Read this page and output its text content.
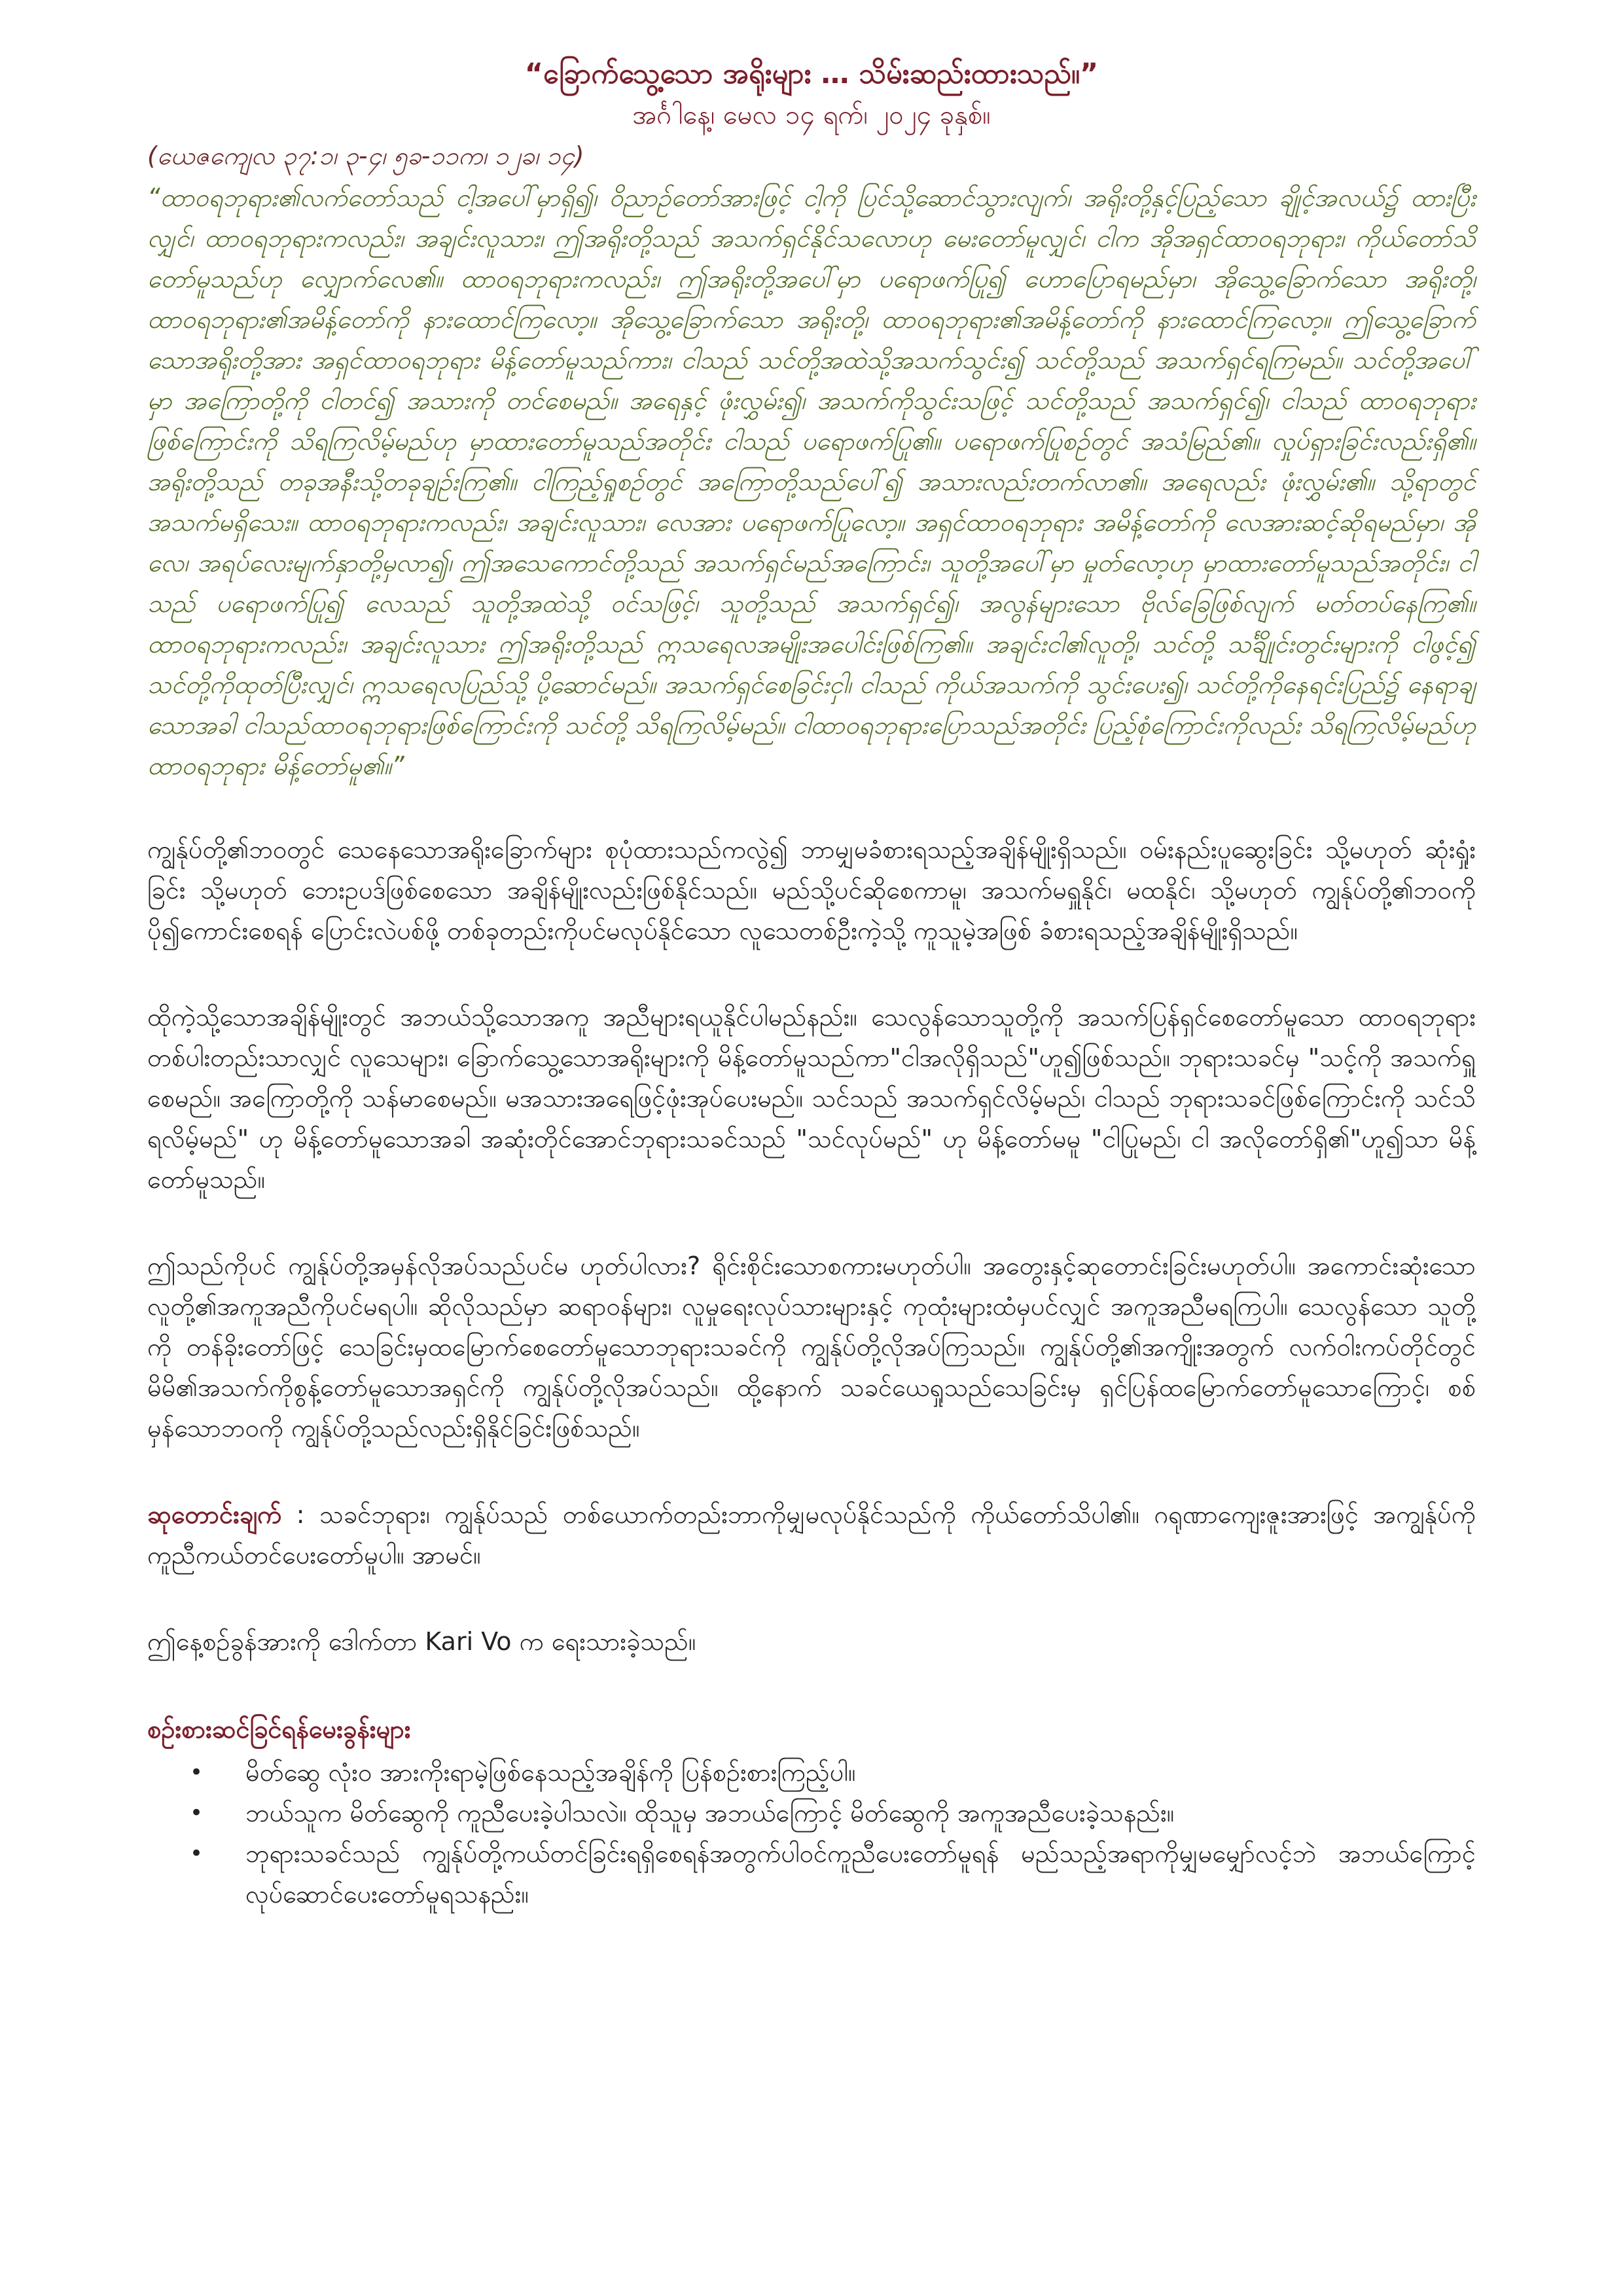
“ခြောက်သွေ့သော အရိုးများ … သိမ်းဆည်းထားသည်။”
အင်္ဂါနေ့၊ မေလ ၁၄ ရက်၊ ၂၀၂၄ ခုနှစ်။
(ယေဇကျေလ ၃၇:၁၊ ၃-၄၊ ၅ခ-၁၁က၊ ၁၂ခ၊ ၁၄)

“ထာဝရဘုရား၏လက်တော်သည် ငါ့အပေါ်မှာရှိ၍၊ ဝိညာဉ်တော်အားဖြင့် ငါ့ကို ပြင်သို့ဆောင်သွားလျက်၊ အရိုးတို့နှင့်ပြည့်သော ချိုင့်အလယ်၌ ထားပြီးလျှင်၊ ထာဝရဘုရားကလည်း၊ အချင်းလူသား၊ ဤအရိုးတို့သည် အသက်ရှင်နိုင်သလောဟု မေးတော်မူလျှင်၊ ငါက အိုအရှင်ထာဝရဘုရား၊ ကိုယ်တော်သိတော်မူသည်ဟု လျှောက်လေ၏။ ထာဝရဘုရားကလည်း၊ ဤအရိုးတို့အပေါ်မှာ ပရောဖက်ပြု၍ ဟောပြောရမည်မှာ၊ အိုသွေ့ခြောက်သော အရိုးတို့၊ ထာဝရဘုရား၏အမိန့်တော်ကို နားထောင်ကြလော့။ အိုသွေ့ခြောက်သော အရိုးတို့၊ ထာဝရဘုရား၏အမိန့်တော်ကို နားထောင်ကြလော့။ ဤသွေ့ခြောက်သောအရိုးတို့အား အရှင်ထာဝရဘုရား မိန့်တော်မူသည်ကား၊ ငါသည် သင်တို့အထဲသို့အသက်သွင်း၍ သင်တို့သည် အသက်ရှင်ရကြမည်။ သင်တို့အပေါ်မှာ အကြောတို့ကို ငါတင်၍ အသားကို တင်စေမည်။ အရေနှင့် ဖုံးလွှမ်း၍၊ အသက်ကိုသွင်းသဖြင့် သင်တို့သည် အသက်ရှင်၍၊ ငါသည် ထာဝရဘုရားဖြစ်ကြောင်းကို သိရကြလိမ့်မည်ဟု မှာထားတော်မူသည်အတိုင်း ငါသည် ပရောဖက်ပြု၏။ ပရောဖက်ပြုစဉ်တွင် အသံမြည်၏။ လှုပ်ရှားခြင်းလည်းရှိ၏။ အရိုးတို့သည် တခုအနီးသို့တခုချဉ်းကြ၏။ ငါကြည့်ရှုစဉ်တွင် အကြောတို့သည်ပေါ်၍ အသားလည်းတက်လာ၏။ အရေလည်း ဖုံးလွှမ်း၏။ သို့ရာတွင် အသက်မရှိသေး။ ထာဝရဘုရားကလည်း၊ အချင်းလူသား၊ လေအား ပရောဖက်ပြုလော့။ အရှင်ထာဝရဘုရား အမိန့်တော်ကို လေအားဆင့်ဆိုရမည်မှာ၊ အိုလေ၊ အရပ်လေးမျက်နှာတို့မှလာ၍၊ ဤအသေကောင်တို့သည် အသက်ရှင်မည်အကြောင်း၊ သူတို့အပေါ်မှာ မှုတ်လော့ဟု မှာထားတော်မူသည်အတိုင်း၊ ငါသည် ပရောဖက်ပြု၍ လေသည် သူတို့အထဲသို့ ဝင်သဖြင့်၊ သူတို့သည် အသက်ရှင်၍၊ အလွန်များသော ဗိုလ်ခြေဖြစ်လျက် မတ်တပ်နေကြ၏။ ထာဝရဘုရားကလည်း၊ အချင်းလူသား ဤအရိုးတို့သည် ဣသရေလအမျိုးအပေါင်းဖြစ်ကြ၏။ အချင်းငါ၏လူတို့၊ သင်တို့ သင်္ချိုင်းတွင်းများကို ငါဖွင့်၍ သင်တို့ကိုထုတ်ပြီးလျှင်၊ ဣသရေလပြည်သို့ ပို့ဆောင်မည်။ အသက်ရှင်စေခြင်းငှါ၊ ငါသည် ကိုယ်အသက်ကို သွင်းပေး၍၊ သင်တို့ကိုနေရင်းပြည်၌ နေရာချသောအခါ ငါသည်ထာဝရဘုရားဖြစ်ကြောင်းကို သင်တို့ သိရကြလိမ့်မည်။ ငါထာဝရဘုရားပြောသည်အတိုင်း ပြည့်စုံကြောင်းကိုလည်း သိရကြလိမ့်မည်ဟု ထာဝရဘုရား မိန့်တော်မူ၏။”

ကျွန်ုပ်တို့၏ဘဝတွင် သေနေသောအရိုးခြောက်များ စုပုံထားသည်ကလွဲ၍ ဘာမျှမခံစားရသည့်အချိန်မျိုးရှိသည်။ ဝမ်းနည်းပူဆွေးခြင်း သို့မဟုတ် ဆုံးရှုံးခြင်း သို့မဟုတ် ဘေးဥပဒ်ဖြစ်စေသော အချိန်မျိုးလည်းဖြစ်နိုင်သည်။ မည်သို့ပင်ဆိုစေကာမူ၊ အသက်မရှူနိုင်၊ မထနိုင်၊ သို့မဟုတ် ကျွန်ုပ်တို့၏ဘဝကို ပို၍ကောင်းစေရန် ပြောင်းလဲပစ်ဖို့ တစ်ခုတည်းကိုပင်မလုပ်နိုင်သော လူသေတစ်ဦးကဲ့သို့ ကူသူမဲ့အဖြစ် ခံစားရသည့်အချိန်မျိုးရှိသည်။

ထိုကဲ့သို့သောအချိန်မျိုးတွင် အဘယ်သို့သောအကူ အညီများရယူနိုင်ပါမည်နည်း။ သေလွန်သောသူတို့ကို အသက်ပြန်ရှင်စေတော်မူသော ထာဝရဘုရားတစ်ပါးတည်းသာလျှင် လူသေများ၊ ခြောက်သွေ့သောအရိုးများကို မိန့်တော်မူသည်ကာ"ငါအလိုရှိသည်"ဟူ၍ဖြစ်သည်။ ဘုရားသခင်မှ "သင့်ကို အသက်ရှူစေမည်။ အကြောတို့ကို သန်မာစေမည်။ မအသားအရေဖြင့်ဖုံးအုပ်ပေးမည်။ သင်သည် အသက်ရှင်လိမ့်မည်၊ ငါသည် ဘုရားသခင်ဖြစ်ကြောင်းကို သင်သိရလိမ့်မည်" ဟု မိန့်တော်မူသောအခါ အဆုံးတိုင်အောင်ဘုရားသခင်သည် "သင်လုပ်မည်" ဟု မိန့်တော်မမူ "ငါပြုမည်၊ ငါ အလိုတော်ရှိ၏"ဟူ၍သာ မိန့်တော်မူသည်။

ဤသည်ကိုပင် ကျွန်ုပ်တို့အမှန်လိုအပ်သည်ပင်မ ဟုတ်ပါလား? ရိုင်းစိုင်းသောစကားမဟုတ်ပါ။ အတွေးနှင့်ဆုတောင်းခြင်းမဟုတ်ပါ။ အကောင်းဆုံးသောလူတို့၏အကူအညီကိုပင်မရပါ။ ဆိုလိုသည်မှာ ဆရာဝန်များ၊ လူမှုရေးလုပ်သားများနှင့် ကုထုံးများထံမှပင်လျှင် အကူအညီမရကြပါ။ သေလွန်သော သူတို့ကို တန်ခိုးတော်ဖြင့် သေခြင်းမှထမြောက်စေတော်မူသောဘုရားသခင်ကို ကျွန်ုပ်တို့လိုအပ်ကြသည်။ ကျွန်ုပ်တို့၏အကျိုးအတွက် လက်ဝါးကပ်တိုင်တွင် မိမိ၏အသက်ကိုစွန့်တော်မူသောအရှင်ကို ကျွန်ုပ်တို့လိုအပ်သည်။ ထို့နောက် သခင်ယေရှုသည်သေခြင်းမှ ရှင်ပြန်ထမြောက်တော်မူသောကြောင့်၊ စစ်မှန်သောဘဝကို ကျွန်ုပ်တို့သည်လည်းရှိနိုင်ခြင်းဖြစ်သည်။

ဆုတောင်းချက် : သခင်ဘုရား၊ ကျွန်ုပ်သည် တစ်ယောက်တည်းဘာကိုမျှမလုပ်နိုင်သည်ကို ကိုယ်တော်သိပါ၏။ ဂရုဏာကျေးဇူးအားဖြင့် အကျွန်ုပ်ကိုကူညီကယ်တင်ပေးတော်မူပါ။ အာမင်။

ဤနေ့စဉ်ခွန်အားကို ဒေါက်တာ Kari Vo က ရေးသားခဲ့သည်။

စဉ်းစားဆင်ခြင်ရန်မေးခွန်းများ
•	မိတ်ဆွေ လုံးဝ အားကိုးရာမဲ့ဖြစ်နေသည့်အချိန်ကို ပြန်စဉ်းစားကြည့်ပါ။
•	ဘယ်သူက မိတ်ဆွေကို ကူညီပေးခဲ့ပါသလဲ။ ထိုသူမှ အဘယ်ကြောင့် မိတ်ဆွေကို အကူအညီပေးခဲ့သနည်း။
•	ဘုရားသခင်သည် ကျွန်ုပ်တို့ကယ်တင်ခြင်းရရှိစေရန်အတွက်ပါဝင်ကူညီပေးတော်မူရန် မည်သည့်အရာကိုမျှမမျှော်လင့်ဘဲ အဘယ်ကြောင့် လုပ်ဆောင်ပေးတော်မူရသနည်း။
